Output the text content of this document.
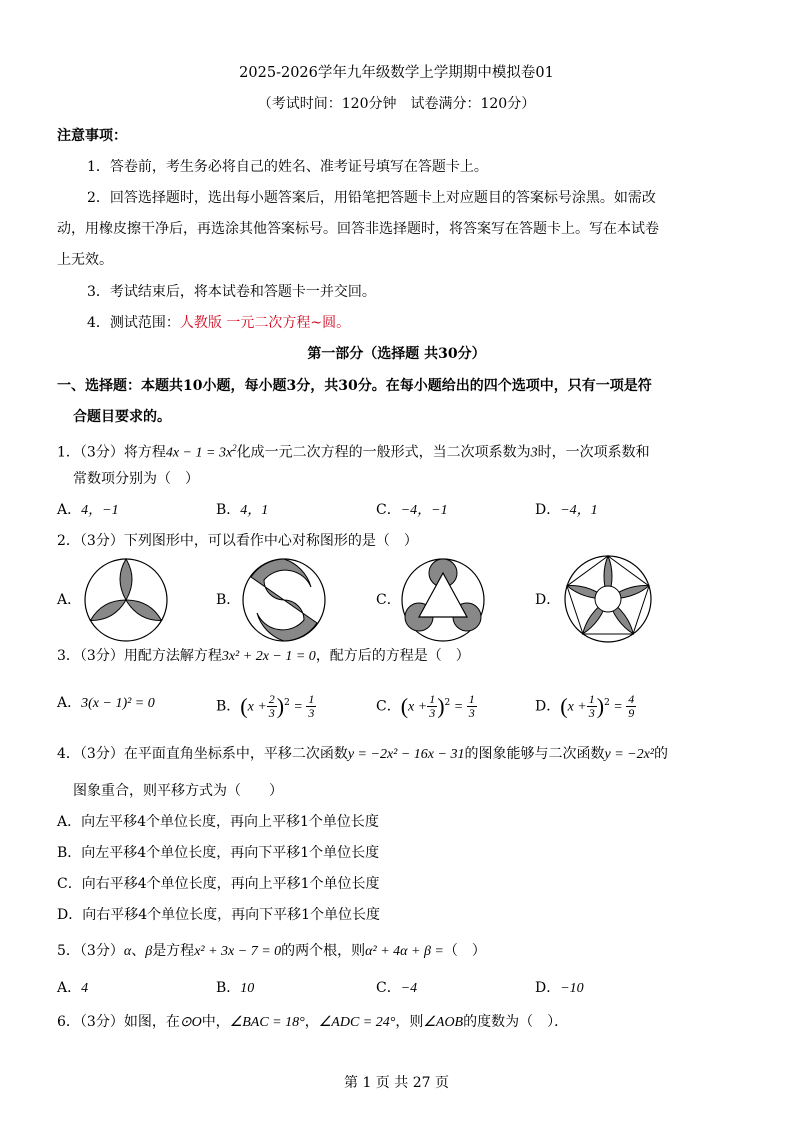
2025-2026学年九年级数学上学期期中模拟卷01
（考试时间：120分钟　试卷满分：120分）
注意事项：
1．答卷前，考生务必将自己的姓名、准考证号填写在答题卡上。
2．回答选择题时，选出每小题答案后，用铅笔把答题卡上对应题目的答案标号涂黑。如需改
动，用橡皮擦干净后，再选涂其他答案标号。回答非选择题时，将答案写在答题卡上。写在本试卷
上无效。
3．考试结束后，将本试卷和答题卡一并交回。
4．测试范围：人教版 一元二次方程~圆。
第一部分（选择题 共30分）
一、选择题：本题共10小题，每小题3分，共30分。在每小题给出的四个选项中，只有一项是符
合题目要求的。
1．（3分）将方程$4x - 1 = 3x^2$化成一元二次方程的一般形式，当二次项系数为3时，一次项系数和
常数项分别为（　）
A．4，−1	B．4，1	C．−4，−1	D．−4，1
2．（3分）下列图形中，可以看作中心对称图形的是（　）
A．	B．	C．	D．
3．（3分）用配方法解方程3x² + 2x − 1 = 0，配方后的方程是（　）
A．3(x − 1)² = 0	B．$(x + \frac{2}{3} )^2 = \frac{1}{3}$	C．$(x + \frac{1}{3} )^2 = \frac{1}{3}$	D．$(x + \frac{1}{3} )^2 = \frac{4}{9}$
4．（3分）在平面直角坐标系中，平移二次函数y = −2x² − 16x − 31的图象能够与二次函数y = −2x²的
图象重合，则平移方式为（　　）
A．向左平移4个单位长度，再向上平移1个单位长度
B．向左平移4个单位长度，再向下平移1个单位长度
C．向右平移4个单位长度，再向上平移1个单位长度
D．向右平移4个单位长度，再向下平移1个单位长度
5．（3分）α、β是方程x² + 3x − 7 = 0的两个根，则α² + 4α + β =（　）
A．4	B．10	C．−4	D．−10
6．（3分）如图，在⊙O中，∠BAC = 18°，∠ADC = 24°，则∠AOB的度数为（　）．
第 1 页 共 27 页
